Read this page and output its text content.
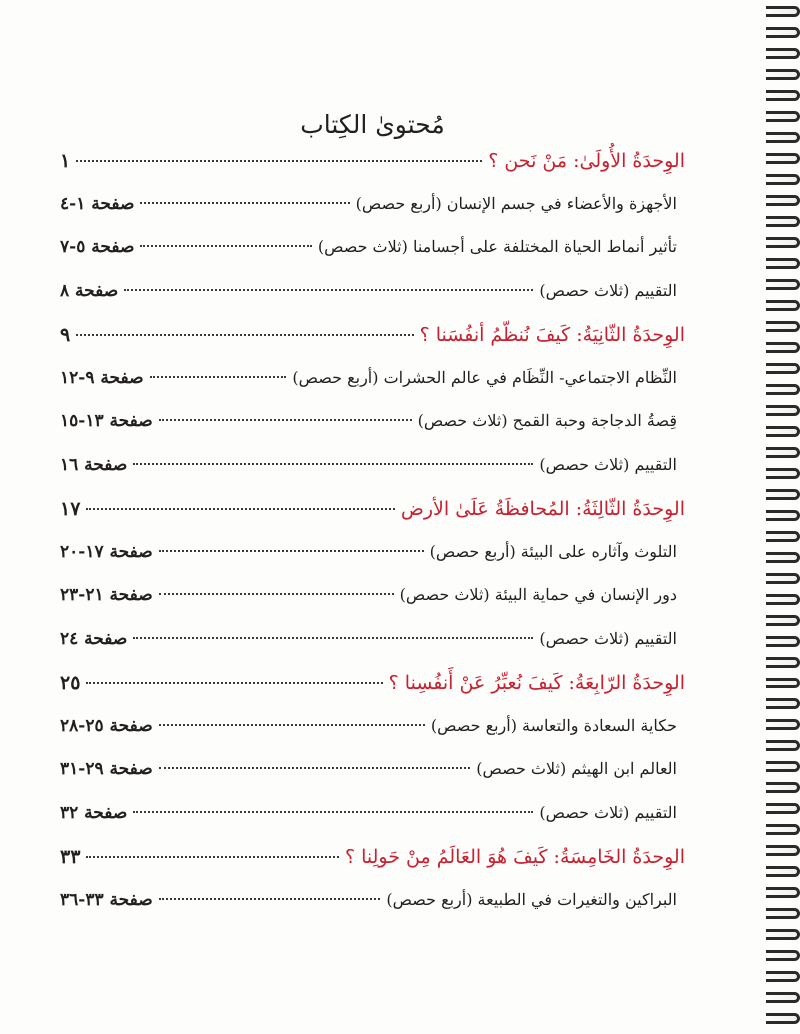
مُحتوىٰ الكِتاب
الوِحدَةُ الأُولَىٰ: مَنْ نَحن ؟
١
الأجهزة والأعضاء في جسم الإنسان (أربع حصص)
صفحة ١-٤
تأثير أنماط الحياة المختلفة على أجسامنا (ثلاث حصص)
صفحة ٥-٧
التقييم (ثلاث حصص)
صفحة ٨
الوِحدَةُ الثّانِيَةُ: كَيفَ نُنظّمُ أنفُسَنا ؟
٩
النِّظام الاجتماعي- النِّظَام في عالم الحشرات (أربع حصص)
صفحة ٩-١٢
قِصةُ الدجاجة وحبة القمح (ثلاث حصص)
صفحة ١٣-١٥
التقييم (ثلاث حصص)
صفحة ١٦
الوِحدَةُ الثّالِثَةُ: المُحافظَةُ عَلَىٰ الأرض
١٧
التلوث وآثاره على البيئة (أربع حصص)
صفحة ١٧-٢٠
دور الإنسان في حماية البيئة (ثلاث حصص)
صفحة ٢١-٢٣
التقييم (ثلاث حصص)
صفحة ٢٤
الوِحدَةُ الرّابِعَةُ: كَيفَ نُعبِّرُ عَنْ أَنفُسِنا ؟
٢٥
حكاية السعادة والتعاسة (أربع حصص)
صفحة ٢٥-٢٨
العالم ابن الهيثم (ثلاث حصص)
صفحة ٢٩-٣١
التقييم (ثلاث حصص)
صفحة ٣٢
الوِحدَةُ الخَامِسَةُ: كَيفَ هُوَ العَالَمُ مِنْ حَولِنا ؟
٣٣
البراكين والتغيرات في الطبيعة (أربع حصص)
صفحة ٣٣-٣٦
